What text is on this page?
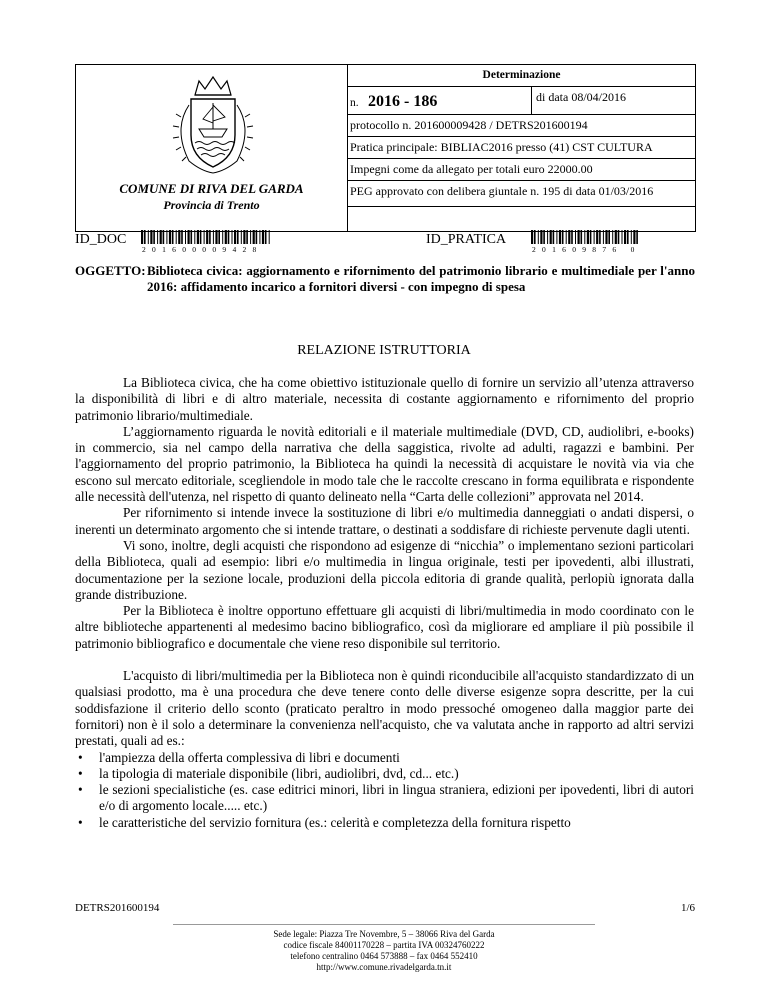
COMUNE DI RIVA DEL GARDA
Provincia di Trento
Determinazione
n. 2016 - 186	di data 08/04/2016
protocollo n. 201600009428 / DETRS201600194
Pratica principale: BIBLIAC2016 presso (41) CST CULTURA
Impegni come da allegato per totali euro 22000.00
PEG approvato con delibera giuntale n. 195 di data 01/03/2016
ID_DOC
201600009428
ID_PRATICA
201609876 0
OGGETTO: Biblioteca civica: aggiornamento e rifornimento del patrimonio librario e multimediale per l'anno 2016: affidamento incarico a fornitori diversi - con impegno di spesa
RELAZIONE ISTRUTTORIA

La Biblioteca civica, che ha come obiettivo istituzionale quello di fornire un servizio all’utenza attraverso la disponibilità di libri e di altro materiale, necessita di costante aggiornamento e rifornimento del proprio patrimonio librario/multimediale.

L’aggiornamento riguarda le novità editoriali e il materiale multimediale (DVD, CD, audiolibri, e-books) in commercio, sia nel campo della narrativa che della saggistica, rivolte ad adulti, ragazzi e bambini. Per l'aggiornamento del proprio patrimonio, la Biblioteca ha quindi la necessità di acquistare le novità via via che escono sul mercato editoriale, scegliendole in modo tale che le raccolte crescano in forma equilibrata e rispondente alle necessità dell'utenza, nel rispetto di quanto delineato nella “Carta delle collezioni” approvata nel 2014.

Per rifornimento si intende invece la sostituzione di libri e/o multimedia danneggiati o andati dispersi, o inerenti un determinato argomento che si intende trattare, o destinati a soddisfare di richieste pervenute dagli utenti.

Vi sono, inoltre, degli acquisti che rispondono ad esigenze di “nicchia” o implementano sezioni particolari della Biblioteca, quali ad esempio: libri e/o multimedia in lingua originale, testi per ipovedenti, albi illustrati, documentazione per la sezione locale, produzioni della piccola editoria di grande qualità, perlopiù ignorata dalla grande distribuzione.

Per la Biblioteca è inoltre opportuno effettuare gli acquisti di libri/multimedia in modo coordinato con le altre biblioteche appartenenti al medesimo bacino bibliografico, così da migliorare ed ampliare il più possibile il patrimonio bibliografico e documentale che viene reso disponibile sul territorio.

L'acquisto di libri/multimedia per la Biblioteca non è quindi riconducibile all'acquisto standardizzato di un qualsiasi prodotto, ma è una procedura che deve tenere conto delle diverse esigenze sopra descritte, per la cui soddisfazione il criterio dello sconto (praticato peraltro in modo pressoché omogeneo dalla maggior parte dei fornitori) non è il solo a determinare la convenienza nell'acquisto, che va valutata anche in rapporto ad altri servizi prestati, quali ad es.:

• l'ampiezza della offerta complessiva di libri e documenti
• la tipologia di materiale disponibile (libri, audiolibri, dvd, cd... etc.)
• le sezioni specialistiche (es. case editrici minori, libri in lingua straniera, edizioni per ipovedenti, libri di autori e/o di argomento locale..... etc.)
• le caratteristiche del servizio fornitura (es.: celerità e completezza della fornitura rispetto
DETRS201600194	1/6
Sede legale: Piazza Tre Novembre, 5 – 38066 Riva del Garda
codice fiscale 84001170228 – partita IVA 00324760222
telefono centralino 0464 573888 – fax 0464 552410
http://www.comune.rivadelgarda.tn.it
